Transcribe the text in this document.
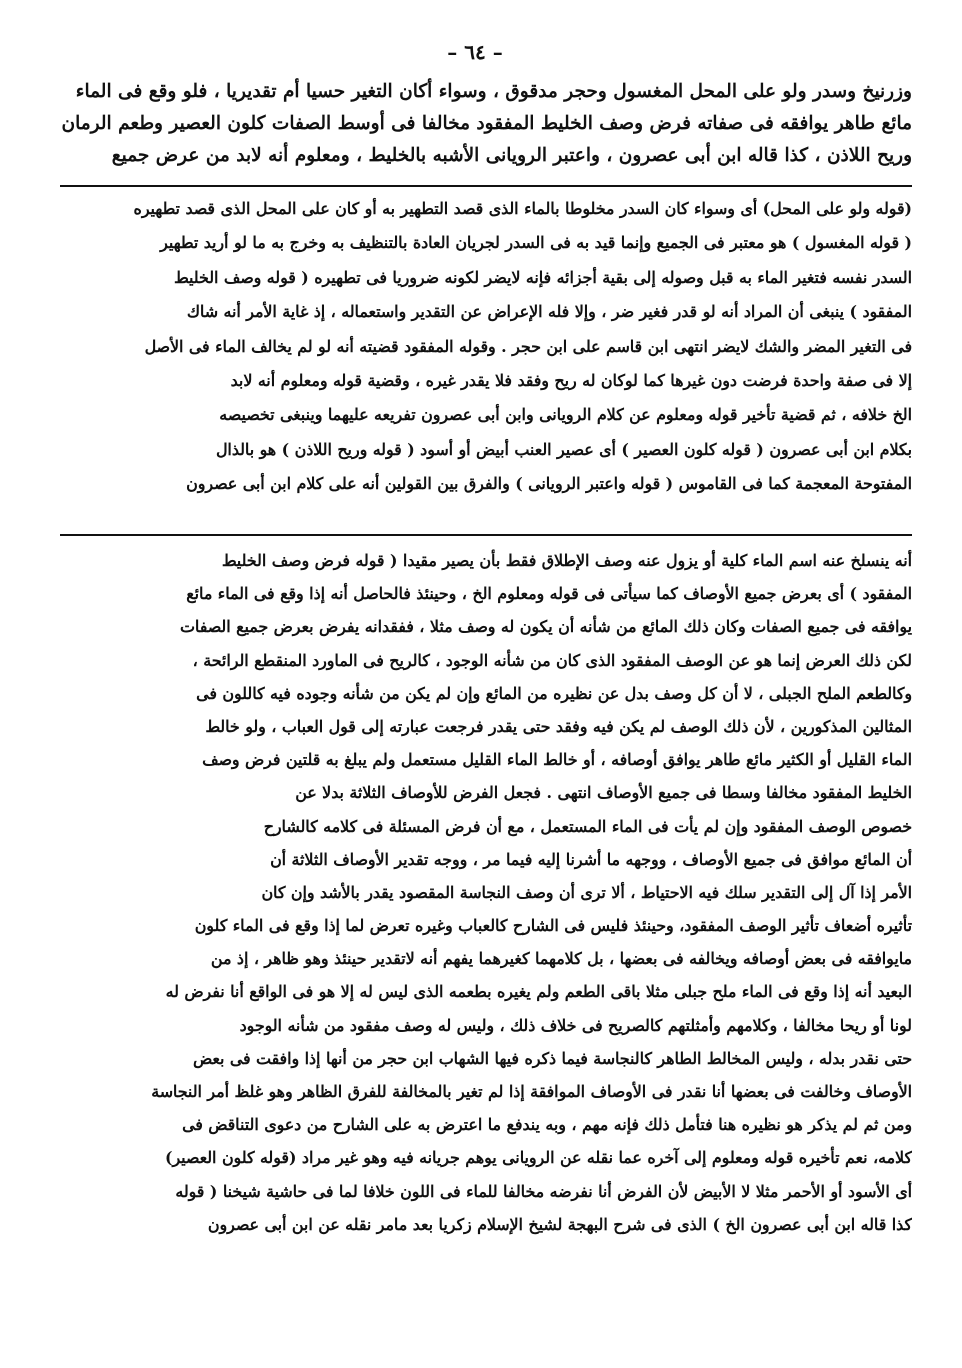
– ٦٤ –
وزرنيخ وسدر ولو على المحل المغسول وحجر مدقوق ، وسواء أكان التغير حسيا أم تقديريا ، فلو وقع فى الماء
مائع طاهر يوافقه فى صفاته فرض وصف الخليط المفقود مخالفا فى أوسط الصفات كلون العصير وطعم الرمان
وريح اللاذن ، كذا قاله ابن أبى عصرون ، واعتبر الرويانى الأشبه بالخليط ، ومعلوم أنه لابد من عرض جميع
(قوله ولو على المحل) أى وسواء كان السدر مخلوطا بالماء الذى قصد التطهير به أو كان على المحل الذى قصد تطهيره
( قوله المغسول ) هو معتبر فى الجميع وإنما قيد به فى السدر لجريان العادة بالتنظيف به وخرج به ما لو أريد تطهير
السدر نفسه فتغير الماء به قبل وصوله إلى بقية أجزائه فإنه لايضر لكونه ضروريا فى تطهيره ( قوله وصف الخليط
المفقود ) ينبغى أن المراد أنه لو قدر فغير ضر ، وإلا فله الإعراض عن التقدير واستعماله ، إذ غاية الأمر أنه شاك
فى التغير المضر والشك لايضر انتهى ابن قاسم على ابن حجر . وقوله المفقود قضيته أنه لو لم يخالف الماء فى الأصل
إلا فى صفة واحدة فرضت دون غيرها كما لوكان له ريح وفقد فلا يقدر غيره ، وقضية قوله ومعلوم أنه لابد
الخ خلافه ، ثم قضية تأخير قوله ومعلوم عن كلام الرويانى وابن أبى عصرون تفريعه عليهما وينبغى تخصيصه
بكلام ابن أبى عصرون ( قوله كلون العصير ) أى عصير العنب أبيض أو أسود ( قوله وريح اللاذن ) هو بالذال
المفتوحة المعجمة كما فى القاموس ( قوله واعتبر الرويانى ) والفرق بين القولين أنه على كلام ابن أبى عصرون
أنه ينسلخ عنه اسم الماء كلية أو يزول عنه وصف الإطلاق فقط بأن يصير مقيدا ( قوله فرض وصف الخليط
المفقود ) أى بعرض جميع الأوصاف كما سيأتى فى قوله ومعلوم الخ ، وحينئذ فالحاصل أنه إذا وقع فى الماء مائع
يوافقه فى جميع الصفات وكان ذلك المائع من شأنه أن يكون له وصف مثلا ، ففقدانه يفرض بعرض جميع الصفات
لكن ذلك العرض إنما هو عن الوصف المفقود الذى كان من شأنه الوجود ، كالريح فى الماورد المنقطع الرائحة ،
وكالطعم الملح الجبلى ، لا أن كل وصف بدل عن نظيره من المائع وإن لم يكن من شأنه وجوده فيه كاللون فى
المثالين المذكورين ، لأن ذلك الوصف لم يكن فيه وفقد حتى يقدر فرجعت عبارته إلى قول العباب ، ولو خالط
الماء القليل أو الكثير مائع طاهر يوافق أوصافه ، أو خالط الماء القليل مستعمل ولم يبلغ به قلتين فرض وصف
الخليط المفقود مخالفا وسطا فى جميع الأوصاف انتهى . فجعل الفرض للأوصاف الثلاثة بدلا عن
خصوص الوصف المفقود وإن لم يأت فى الماء المستعمل ، مع أن فرض المسئلة فى كلامه كالشارح
أن المائع موافق فى جميع الأوصاف ، ووجهه ما أشرنا إليه فيما مر ، ووجه تقدير الأوصاف الثلاثة أن
الأمر إذا آل إلى التقدير سلك فيه الاحتياط ، ألا ترى أن وصف النجاسة المقصود يقدر بالأشد وإن كان
تأثيره أضعاف تأثير الوصف المفقود، وحينئذ فليس فى الشارح كالعباب وغيره تعرض لما إذا وقع فى الماء كلون
مايوافقه فى بعض أوصافه ويخالفه فى بعضها ، بل كلامهما كغيرهما يفهم أنه لاتقدير حينئذ وهو ظاهر ، إذ من
البعيد أنه إذا وقع فى الماء ملح جبلى مثلا باقى الطعم ولم يغيره بطعمه الذى ليس له إلا هو فى الواقع أنا نفرض له
لونا أو ريحا مخالفا ، وكلامهم وأمثلتهم كالصريح فى خلاف ذلك ، وليس له وصف مفقود من شأنه الوجود
حتى نقدر بدله ، وليس المخالط الطاهر كالنجاسة فيما ذكره فيها الشهاب ابن حجر من أنها إذا وافقت فى بعض
الأوصاف وخالفت فى بعضها أنا نقدر فى الأوصاف الموافقة إذا لم تغير بالمخالفة للفرق الظاهر وهو غلظ أمر النجاسة
ومن ثم لم يذكر هو نظيره هنا فتأمل ذلك فإنه مهم ، وبه يندفع ما اعترض به على الشارح من دعوى التناقض فى
كلامه، نعم تأخيره قوله ومعلوم إلى آخره عما نقله عن الرويانى يوهم جريانه فيه وهو غير مراد (قوله كلون العصير)
أى الأسود أو الأحمر مثلا لا الأبيض لأن الفرض أنا نفرضه مخالفا للماء فى اللون خلافا لما فى حاشية شيخنا ( قوله
كذا قاله ابن أبى عصرون الخ ) الذى فى شرح البهجة لشيخ الإسلام زكريا بعد مامر نقله عن ابن أبى عصرون
